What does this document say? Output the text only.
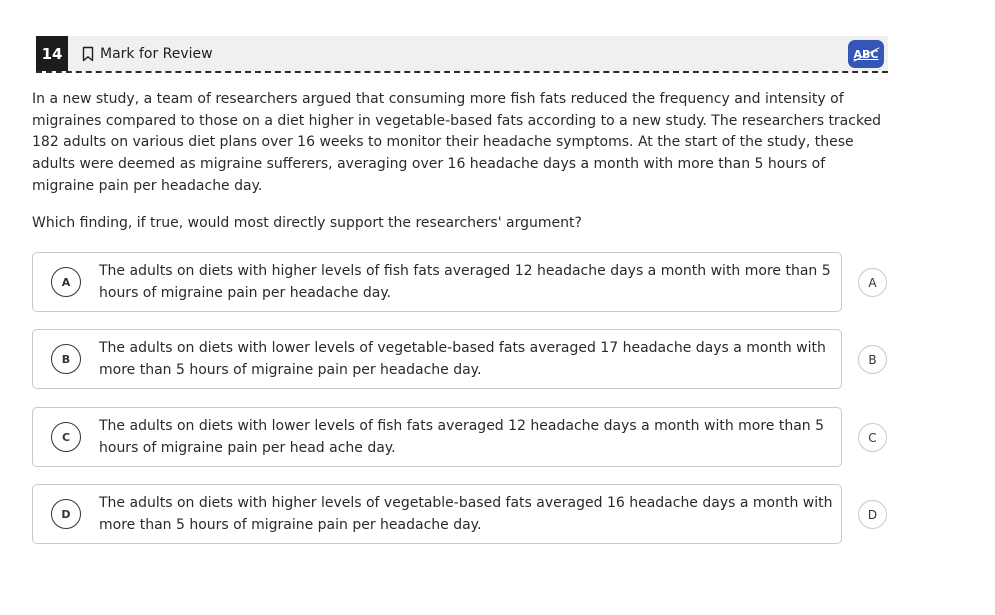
14	Mark for Review	ABC
In a new study, a team of researchers argued that consuming more fish fats reduced the frequency and intensity of migraines compared to those on a diet higher in vegetable-based fats according to a new study. The researchers tracked 182 adults on various diet plans over 16 weeks to monitor their headache symptoms. At the start of the study, these adults were deemed as migraine sufferers, averaging over 16 headache days a month with more than 5 hours of migraine pain per headache day.
Which finding, if true, would most directly support the researchers' argument?
A
The adults on diets with higher levels of fish fats averaged 12 headache days a month with more than 5 hours of migraine pain per headache day.
A
B
The adults on diets with lower levels of vegetable-based fats averaged 17 headache days a month with more than 5 hours of migraine pain per headache day.
B
C
The adults on diets with lower levels of fish fats averaged 12 headache days a month with more than 5 hours of migraine pain per head ache day.
C
D
The adults on diets with higher levels of vegetable-based fats averaged 16 headache days a month with more than 5 hours of migraine pain per headache day.
D
